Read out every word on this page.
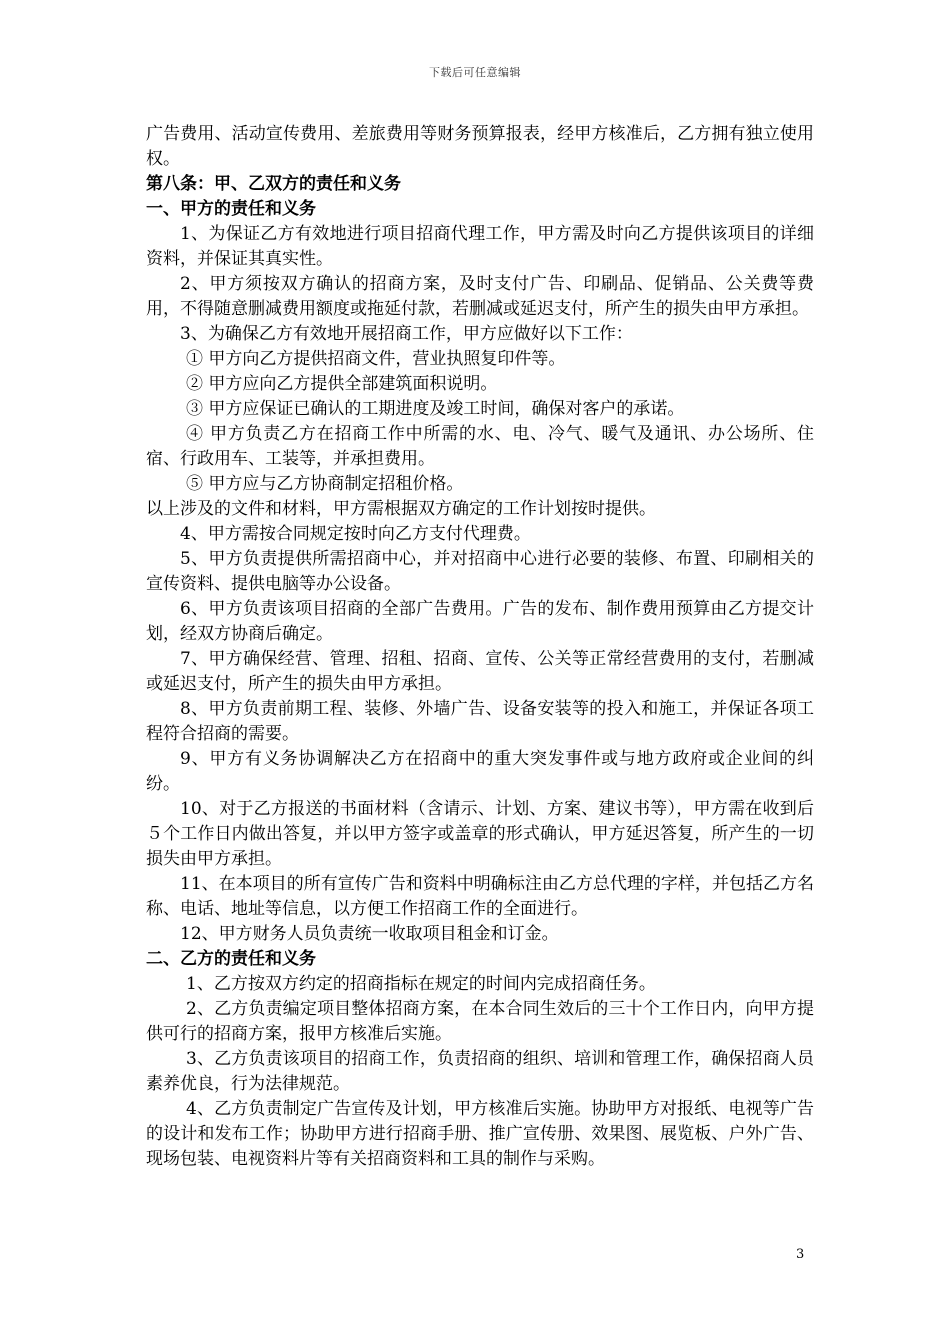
下载后可任意编辑

广告费用、活动宣传费用、差旅费用等财务预算报表，经甲方核准后，乙方拥有独立使用权。

第八条：甲、乙双方的责任和义务

一、甲方的责任和义务

1、为保证乙方有效地进行项目招商代理工作，甲方需及时向乙方提供该项目的详细资料，并保证其真实性。

2、甲方须按双方确认的招商方案，及时支付广告、印刷品、促销品、公关费等费用，不得随意删减费用额度或拖延付款，若删减或延迟支付，所产生的损失由甲方承担。

3、为确保乙方有效地开展招商工作，甲方应做好以下工作：

① 甲方向乙方提供招商文件，营业执照复印件等。

② 甲方应向乙方提供全部建筑面积说明。

③ 甲方应保证已确认的工期进度及竣工时间，确保对客户的承诺。

④ 甲方负责乙方在招商工作中所需的水、电、冷气、暖气及通讯、办公场所、住宿、行政用车、工装等，并承担费用。

⑤ 甲方应与乙方协商制定招租价格。

以上涉及的文件和材料，甲方需根据双方确定的工作计划按时提供。

4、甲方需按合同规定按时向乙方支付代理费。

5、甲方负责提供所需招商中心，并对招商中心进行必要的装修、布置、印刷相关的宣传资料、提供电脑等办公设备。

6、甲方负责该项目招商的全部广告费用。广告的发布、制作费用预算由乙方提交计划，经双方协商后确定。

7、甲方确保经营、管理、招租、招商、宣传、公关等正常经营费用的支付，若删减或延迟支付，所产生的损失由甲方承担。

8、甲方负责前期工程、装修、外墙广告、设备安装等的投入和施工，并保证各项工程符合招商的需要。

9、甲方有义务协调解决乙方在招商中的重大突发事件或与地方政府或企业间的纠纷。

10、对于乙方报送的书面材料（含请示、计划、方案、建议书等），甲方需在收到后５个工作日内做出答复，并以甲方签字或盖章的形式确认，甲方延迟答复，所产生的一切损失由甲方承担。

11、在本项目的所有宣传广告和资料中明确标注由乙方总代理的字样，并包括乙方名称、电话、地址等信息，以方便工作招商工作的全面进行。

12、甲方财务人员负责统一收取项目租金和订金。

二、乙方的责任和义务

1、乙方按双方约定的招商指标在规定的时间内完成招商任务。

2、乙方负责编定项目整体招商方案，在本合同生效后的三十个工作日内，向甲方提供可行的招商方案，报甲方核准后实施。

3、乙方负责该项目的招商工作，负责招商的组织、培训和管理工作，确保招商人员素养优良，行为法律规范。

4、乙方负责制定广告宣传及计划，甲方核准后实施。协助甲方对报纸、电视等广告的设计和发布工作；协助甲方进行招商手册、推广宣传册、效果图、展览板、户外广告、现场包装、电视资料片等有关招商资料和工具的制作与采购。

3
